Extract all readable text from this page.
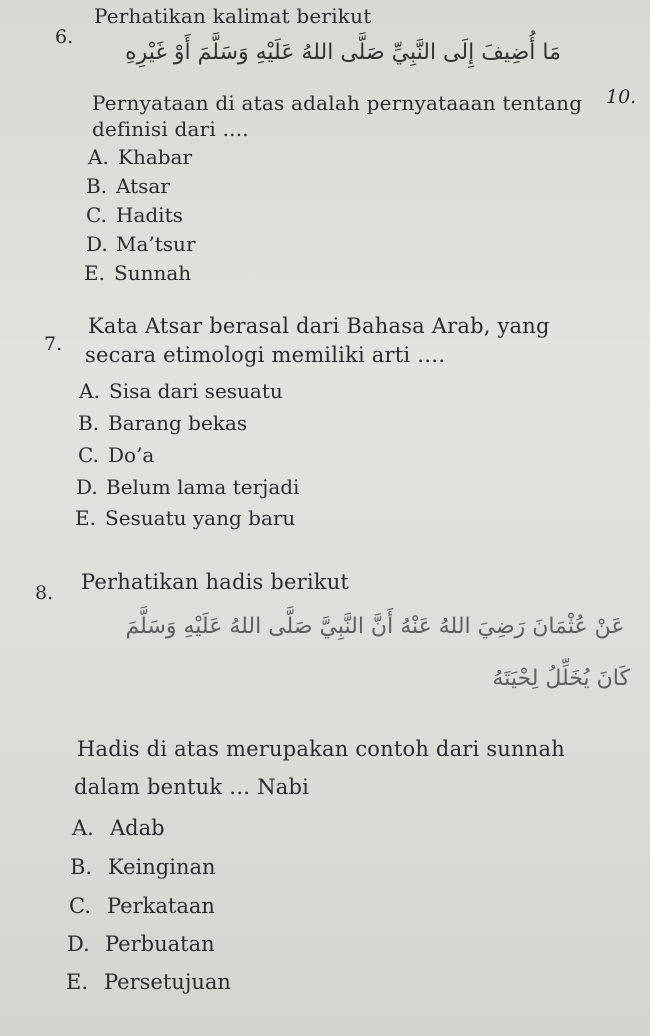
6.
Perhatikan kalimat berikut
مَا أُضِيفَ إِلَى النَّبِيِّ صَلَّى اللهُ عَلَيْهِ وَسَلَّمَ أَوْ غَيْرِهِ
Pernyataan di atas adalah pernyataaan tentang 10.
definisi dari ....
A. Khabar
B. Atsar
C. Hadits
D. Ma’tsur
E. Sunnah
7.
Kata Atsar berasal dari Bahasa Arab, yang
secara etimologi memiliki arti ….
A. Sisa dari sesuatu
B. Barang bekas
C. Do’a
D. Belum lama terjadi
E. Sesuatu yang baru
8. Perhatikan hadis berikut
عَنْ عُثْمَانَ رَضِيَ اللهُ عَنْهُ أَنَّ النَّبِيَّ صَلَّى اللهُ عَلَيْهِ وَسَلَّمَ
كَانَ يُخَلِّلُ لِحْيَتَهُ
Hadis di atas merupakan contoh dari sunnah
dalam bentuk … Nabi
A. Adab
B. Keinginan
C. Perkataan
D. Perbuatan
E. Persetujuan
